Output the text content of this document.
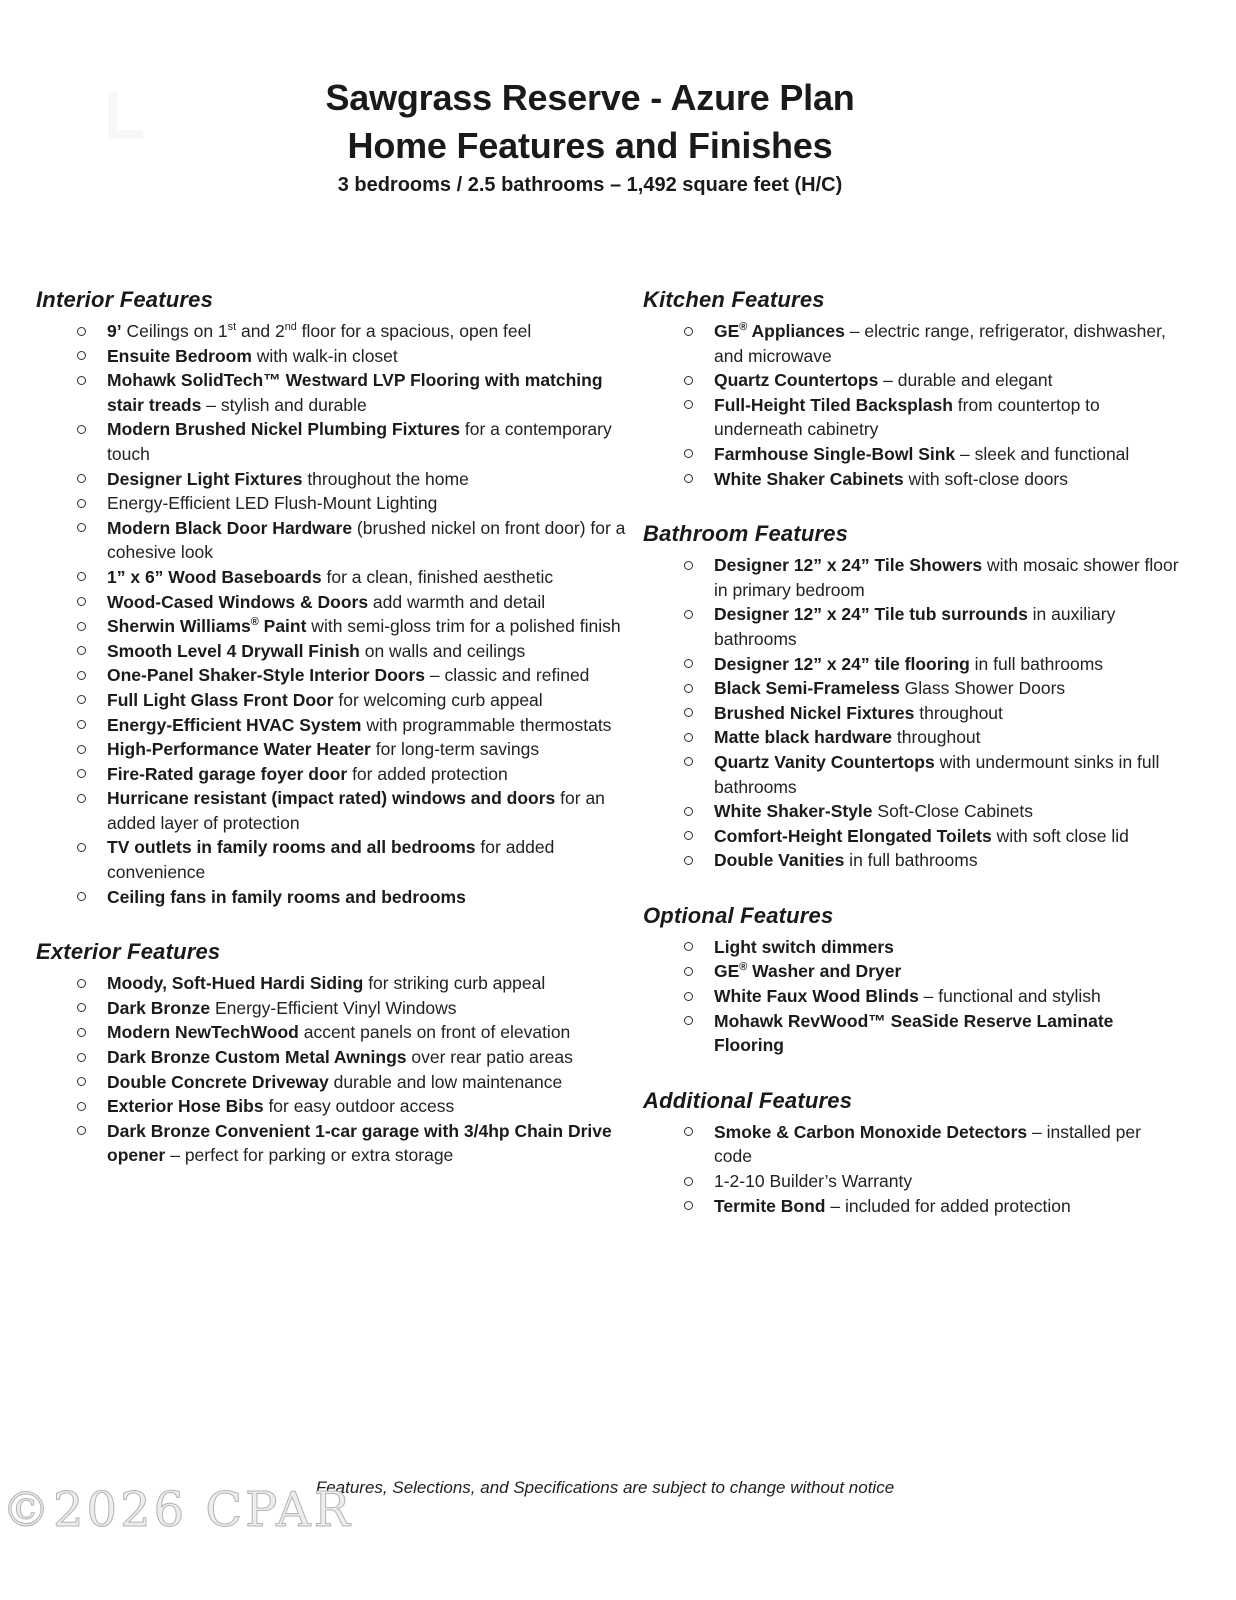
Sawgrass Reserve - Azure Plan
Home Features and Finishes
3 bedrooms / 2.5 bathrooms – 1,492 square feet (H/C)
Interior Features
9’ Ceilings on 1st and 2nd floor for a spacious, open feel
Ensuite Bedroom with walk-in closet
Mohawk SolidTech™ Westward LVP Flooring with matching stair treads – stylish and durable
Modern Brushed Nickel Plumbing Fixtures for a contemporary touch
Designer Light Fixtures throughout the home
Energy-Efficient LED Flush-Mount Lighting
Modern Black Door Hardware (brushed nickel on front door) for a cohesive look
1” x 6” Wood Baseboards for a clean, finished aesthetic
Wood-Cased Windows & Doors add warmth and detail
Sherwin Williams® Paint with semi-gloss trim for a polished finish
Smooth Level 4 Drywall Finish on walls and ceilings
One-Panel Shaker-Style Interior Doors – classic and refined
Full Light Glass Front Door for welcoming curb appeal
Energy-Efficient HVAC System with programmable thermostats
High-Performance Water Heater for long-term savings
Fire-Rated garage foyer door for added protection
Hurricane resistant (impact rated) windows and doors for an added layer of protection
TV outlets in family rooms and all bedrooms for added convenience
Ceiling fans in family rooms and bedrooms
Exterior Features
Moody, Soft-Hued Hardi Siding for striking curb appeal
Dark Bronze Energy-Efficient Vinyl Windows
Modern NewTechWood accent panels on front of elevation
Dark Bronze Custom Metal Awnings over rear patio areas
Double Concrete Driveway durable and low maintenance
Exterior Hose Bibs for easy outdoor access
Dark Bronze Convenient 1-car garage with 3/4hp Chain Drive opener – perfect for parking or extra storage
Kitchen Features
GE® Appliances – electric range, refrigerator, dishwasher, and microwave
Quartz Countertops – durable and elegant
Full-Height Tiled Backsplash from countertop to underneath cabinetry
Farmhouse Single-Bowl Sink – sleek and functional
White Shaker Cabinets with soft-close doors
Bathroom Features
Designer 12” x 24” Tile Showers with mosaic shower floor in primary bedroom
Designer 12” x 24” Tile tub surrounds in auxiliary bathrooms
Designer 12” x 24” tile flooring in full bathrooms
Black Semi-Frameless Glass Shower Doors
Brushed Nickel Fixtures throughout
Matte black hardware throughout
Quartz Vanity Countertops with undermount sinks in full bathrooms
White Shaker-Style Soft-Close Cabinets
Comfort-Height Elongated Toilets with soft close lid
Double Vanities in full bathrooms
Optional Features
Light switch dimmers
GE® Washer and Dryer
White Faux Wood Blinds – functional and stylish
Mohawk RevWood™ SeaSide Reserve Laminate Flooring
Additional Features
Smoke & Carbon Monoxide Detectors – installed per code
1-2-10 Builder’s Warranty
Termite Bond – included for added protection
Features, Selections, and Specifications are subject to change without notice
©2026 CPAR
